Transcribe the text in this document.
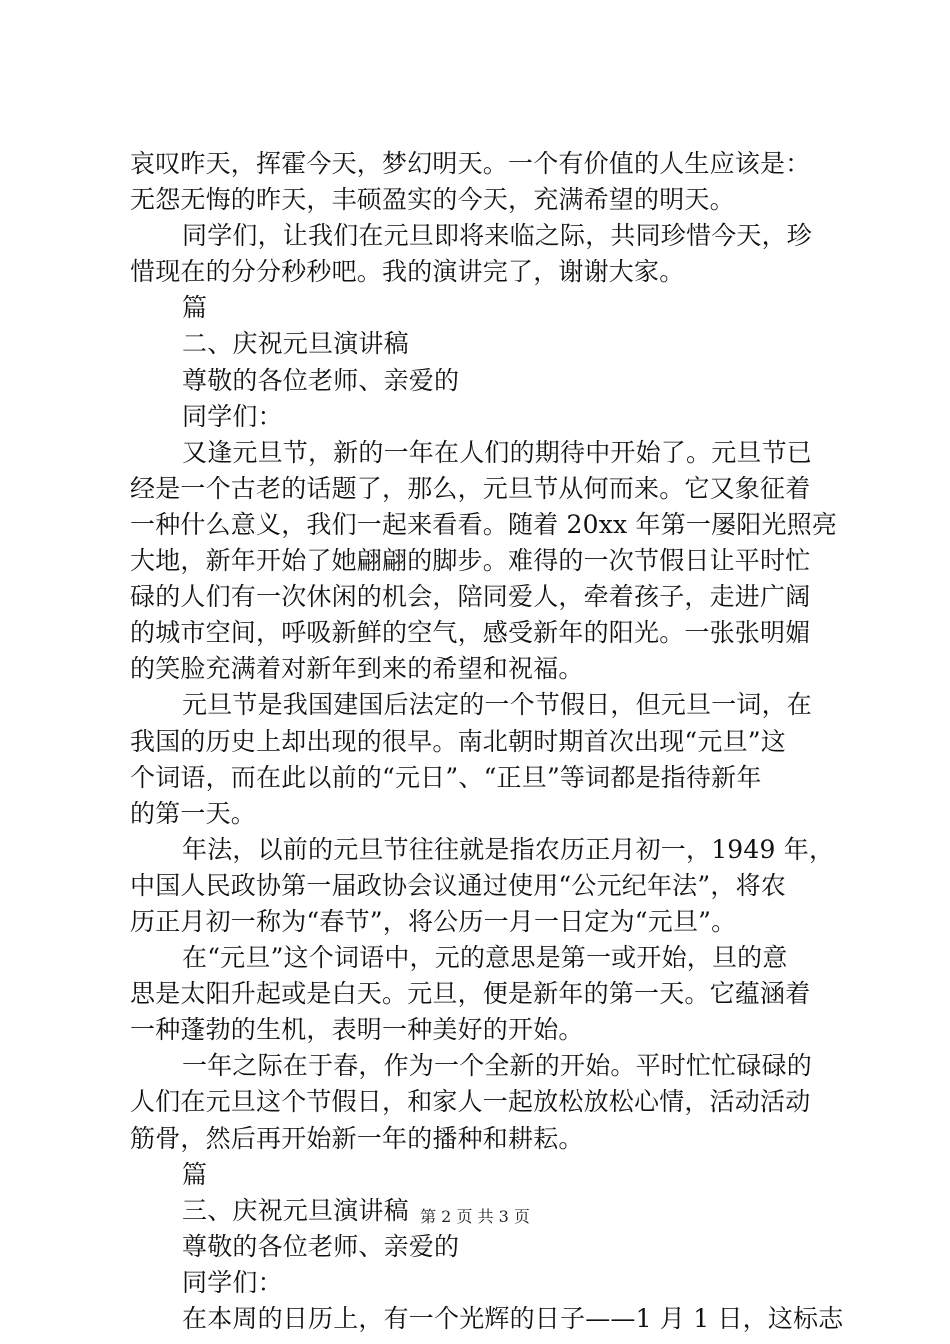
哀叹昨天，挥霍今天，梦幻明天。一个有价值的人生应该是：
无怨无悔的昨天，丰硕盈实的今天，充满希望的明天。
同学们，让我们在元旦即将来临之际，共同珍惜今天，珍
惜现在的分分秒秒吧。我的演讲完了，谢谢大家。
篇
二、庆祝元旦演讲稿
尊敬的各位老师、亲爱的
同学们：
又逢元旦节，新的一年在人们的期待中开始了。元旦节已
经是一个古老的话题了，那么，元旦节从何而来。它又象征着
一种什么意义，我们一起来看看。随着 20xx 年第一屡阳光照亮
大地，新年开始了她翩翩的脚步。难得的一次节假日让平时忙
碌的人们有一次休闲的机会，陪同爱人，牵着孩子，走进广阔
的城市空间，呼吸新鲜的空气，感受新年的阳光。一张张明媚
的笑脸充满着对新年到来的希望和祝福。
元旦节是我国建国后法定的一个节假日，但元旦一词，在
我国的历史上却出现的很早。南北朝时期首次出现“元旦”这
个词语，而在此以前的“元日”、“正旦”等词都是指待新年
的第一天。
年法，以前的元旦节往往就是指农历正月初一，1949 年，
中国人民政协第一届政协会议通过使用“公元纪年法”，将农
历正月初一称为“春节”，将公历一月一日定为“元旦”。
在“元旦”这个词语中，元的意思是第一或开始，旦的意
思是太阳升起或是白天。元旦，便是新年的第一天。它蕴涵着
一种蓬勃的生机，表明一种美好的开始。
一年之际在于春，作为一个全新的开始。平时忙忙碌碌的
人们在元旦这个节假日，和家人一起放松放松心情，活动活动
筋骨，然后再开始新一年的播种和耕耘。
篇
三、庆祝元旦演讲稿
尊敬的各位老师、亲爱的
同学们：
在本周的日历上，有一个光辉的日子——1 月 1 日，这标志
第 2 页 共 3 页
